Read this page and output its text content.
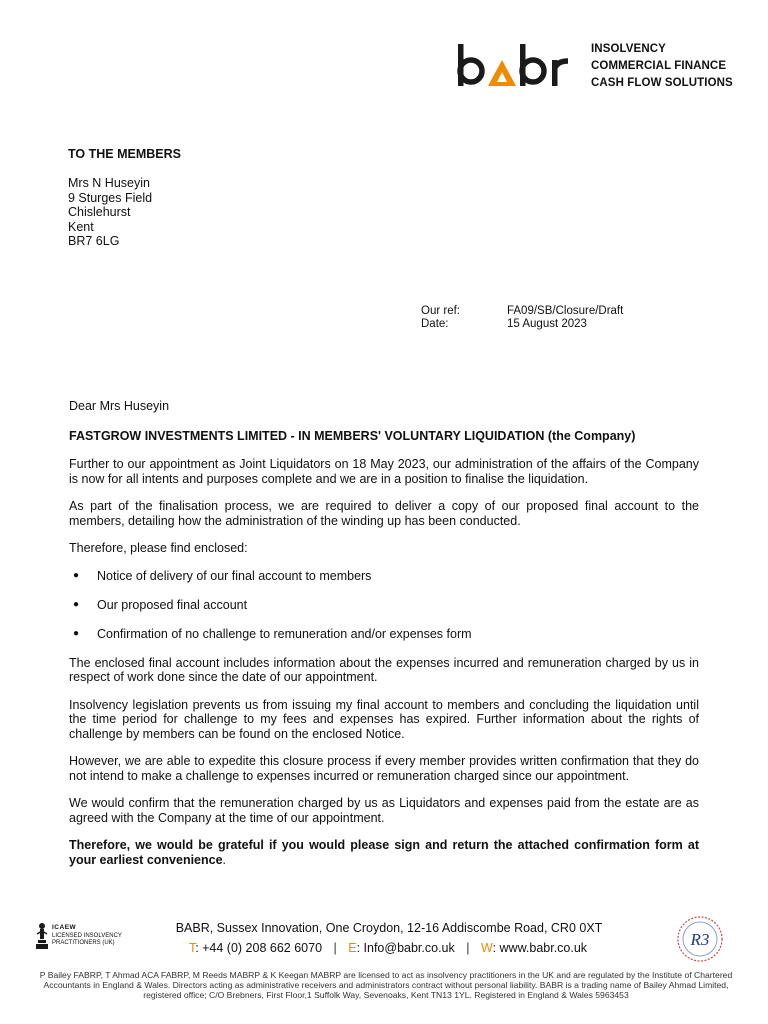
INSOLVENCY
COMMERCIAL FINANCE
CASH FLOW SOLUTIONS
TO THE MEMBERS
Mrs N Huseyin
9 Sturges Field
Chislehurst
Kent
BR7 6LG
Our ref:	FA09/SB/Closure/Draft
Date:	15 August 2023

Dear Mrs Huseyin

FASTGROW INVESTMENTS LIMITED - IN MEMBERS' VOLUNTARY LIQUIDATION (the Company)

Further to our appointment as Joint Liquidators on 18 May 2023, our administration of the affairs of the Company is now for all intents and purposes complete and we are in a position to finalise the liquidation.

As part of the finalisation process, we are required to deliver a copy of our proposed final account to the members, detailing how the administration of the winding up has been conducted.

Therefore, please find enclosed:

● Notice of delivery of our final account to members
● Our proposed final account
● Confirmation of no challenge to remuneration and/or expenses form

The enclosed final account includes information about the expenses incurred and remuneration charged by us in respect of work done since the date of our appointment.

Insolvency legislation prevents us from issuing my final account to members and concluding the liquidation until the time period for challenge to my fees and expenses has expired. Further information about the rights of challenge by members can be found on the enclosed Notice.

However, we are able to expedite this closure process if every member provides written confirmation that they do not intend to make a challenge to expenses incurred or remuneration charged since our appointment.

We would confirm that the remuneration charged by us as Liquidators and expenses paid from the estate are as agreed with the Company at the time of our appointment.

Therefore, we would be grateful if you would please sign and return the attached confirmation form at your earliest convenience.

ICAEW
LICENSED INSOLVENCY
PRACTITIONERS (UK)
BABR, Sussex Innovation, One Croydon, 12-16 Addiscombe Road, CR0 0XT
T: +44 (0) 208 662 6070 | E: Info@babr.co.uk | W: www.babr.co.uk	R3
P Bailey FABRP, T Ahmad ACA FABRP, M Reeds MABRP & K Keegan MABRP are licensed to act as insolvency practitioners in the UK and are regulated by the Institute of Chartered Accountants in England & Wales. Directors acting as administrative receivers and administrators contract without personal liability. BABR is a trading name of Bailey Ahmad Limited, registered office; C/O Brebners, First Floor,1 Suffolk Way, Sevenoaks, Kent TN13 1YL. Registered in England & Wales 5963453
